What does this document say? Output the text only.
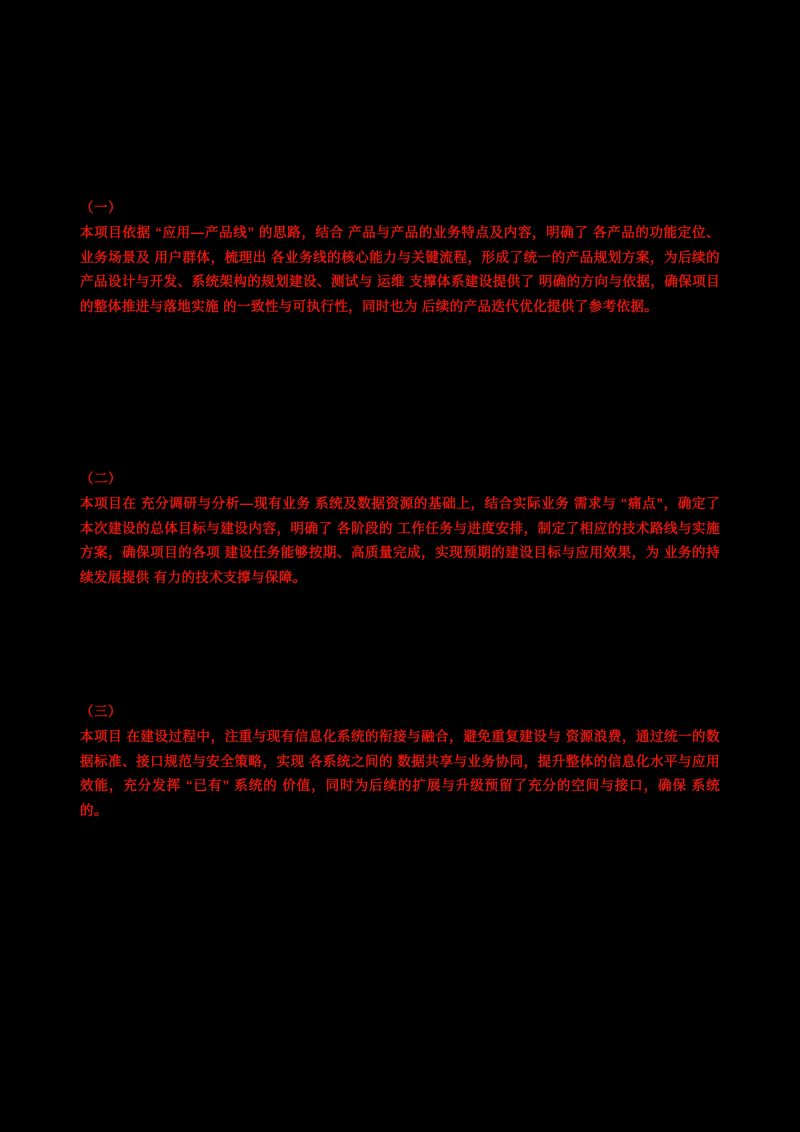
（一）

本项目依据 “应用—产品线” 的思路，结合 产品与产品的业务特点及内容，明确了 各产品的功能定位、业务场景及 用户群体，梳理出 各业务线的核心能力与关键流程，形成了统一的产品规划方案，为后续的 产品设计与开发、系统架构的规划建设、测试与 运维 支撑体系建设提供了 明确的方向与依据，确保项目的整体推进与落地实施 的一致性与可执行性，同时也为 后续的产品迭代优化提供了参考依据。

（二）

本项目在 充分调研与分析—现有业务 系统及数据资源的基础上，结合实际业务 需求与 “痛点”，确定了本次建设的总体目标与建设内容，明确了 各阶段的 工作任务与进度安排，制定了相应的技术路线与实施方案，确保项目的各项 建设任务能够按期、高质量完成，实现预期的建设目标与应用效果，为 业务的持续发展提供 有力的技术支撑与保障。

（三）

本项目 在建设过程中，注重与现有信息化系统的衔接与融合，避免重复建设与 资源浪费，通过统一的数据标准、接口规范与安全策略，实现 各系统之间的 数据共享与业务协同，提升整体的信息化水平与应用效能，充分发挥 “已有” 系统的 价值，同时为后续的扩展与升级预留了充分的空间与接口，确保 系统的。
